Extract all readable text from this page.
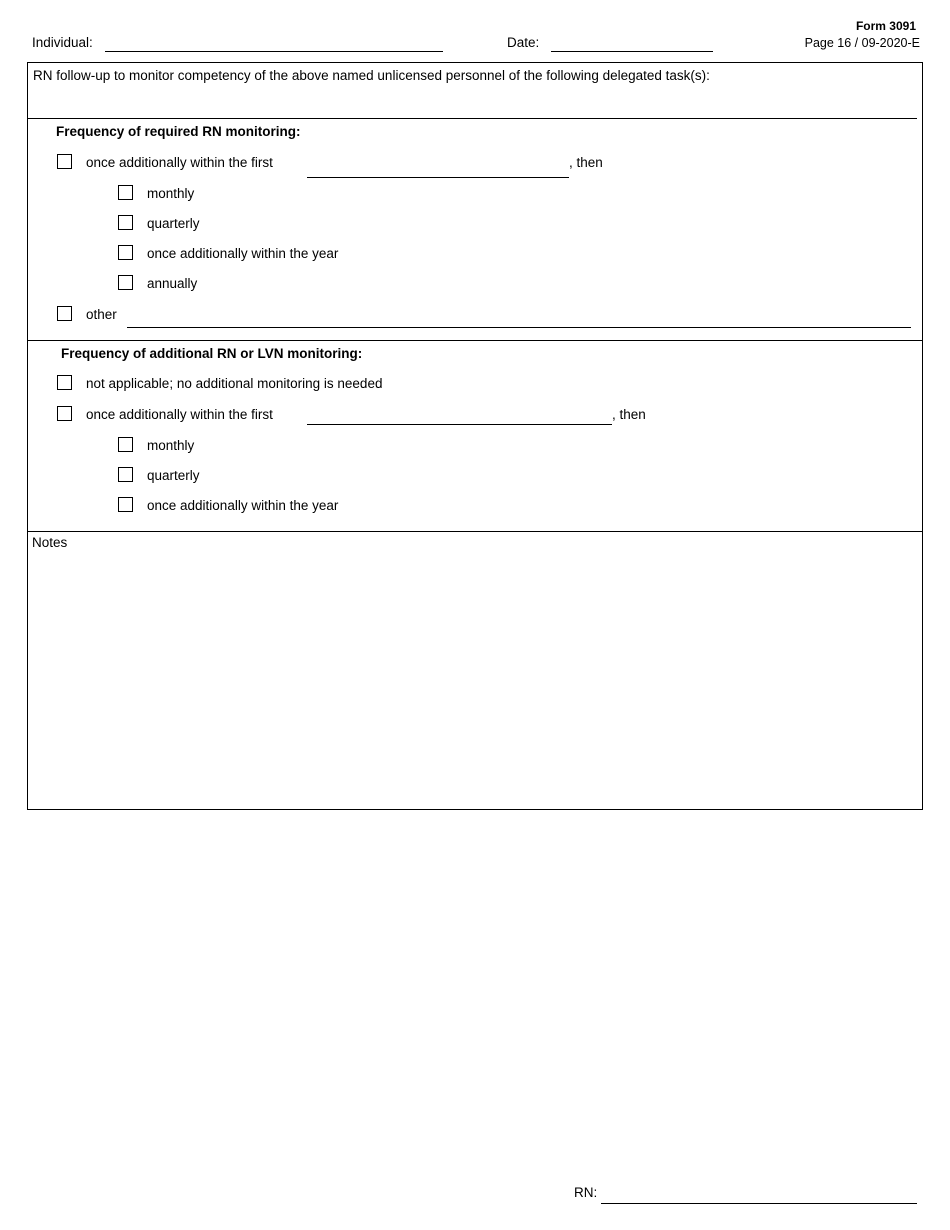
Form 3091
Page 16 / 09-2020-E
Individual:	Date:
RN follow-up to monitor competency of the above named unlicensed personnel of the following delegated task(s):
Frequency of required RN monitoring:
once additionally within the first	, then
monthly
quarterly
once additionally within the year
annually
other
Frequency of additional RN or LVN monitoring:
not applicable; no additional monitoring is needed
once additionally within the first	, then
monthly
quarterly
once additionally within the year
Notes
RN:
